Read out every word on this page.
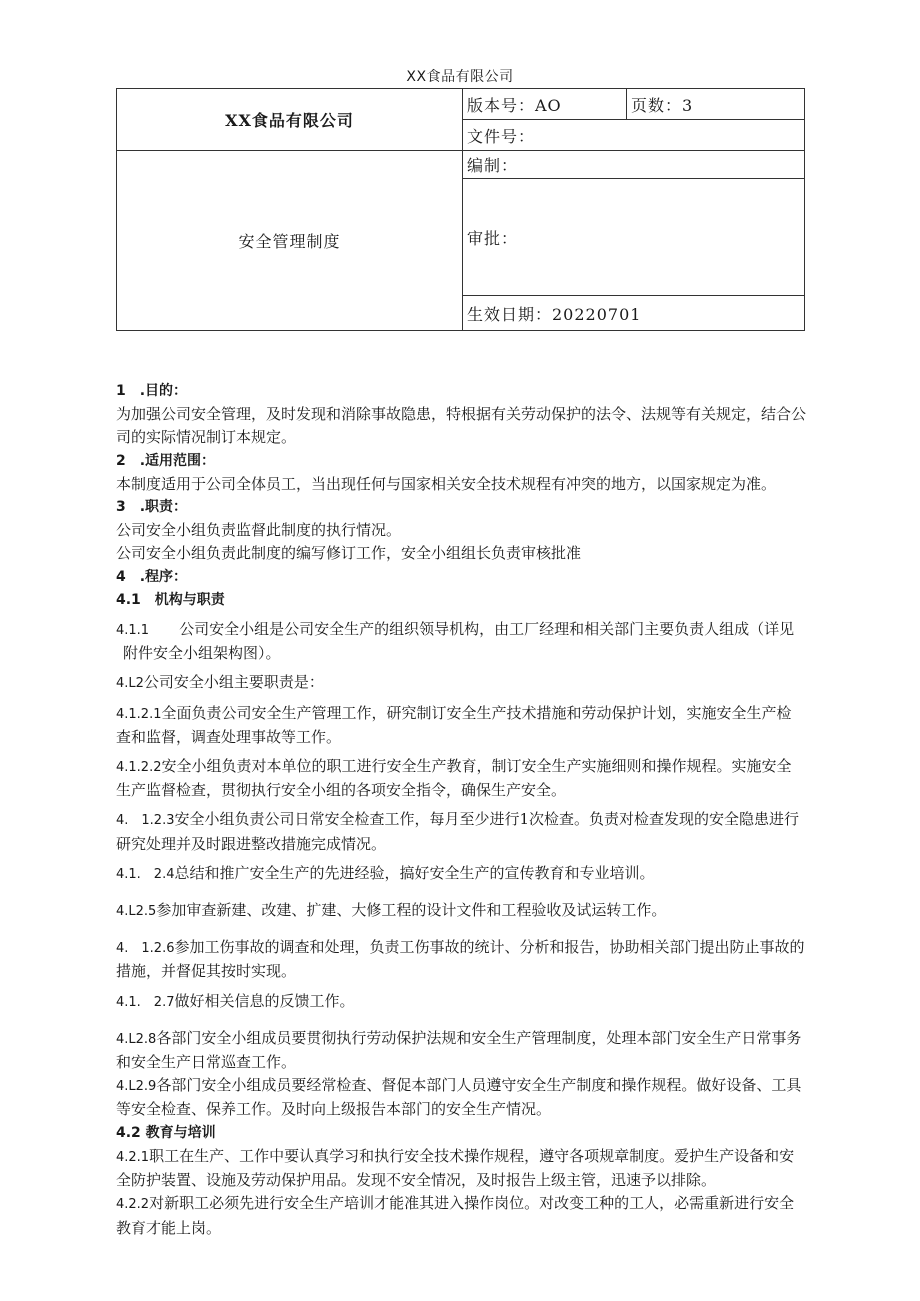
XX食品有限公司
XX食品有限公司	版本号：AO	页数：3
	文件号：	
安全管理制度	编制：	
	审批：	
	生效日期：20220701	

1　.目的：

为加强公司安全管理，及时发现和消除事故隐患，特根据有关劳动保护的法令、法规等有关规定，结合公司的实际情况制订本规定。

2　.适用范围：

本制度适用于公司全体员工，当出现任何与国家相关安全技术规程有冲突的地方，以国家规定为准。

3　.职责：

公司安全小组负责监督此制度的执行情况。

公司安全小组负责此制度的编写修订工作，安全小组组长负责审核批准

4　.程序：

4.1　机构与职责

4.1.1　　公司安全小组是公司安全生产的组织领导机构，由工厂经理和相关部门主要负责人组成（详见

附件安全小组架构图）。

4.L2公司安全小组主要职责是：

4.1.2.1全面负责公司安全生产管理工作，研究制订安全生产技术措施和劳动保护计划，实施安全生产检查和监督，调查处理事故等工作。

4.1.2.2安全小组负责对本单位的职工进行安全生产教育，制订安全生产实施细则和操作规程。实施安全生产监督检查，贯彻执行安全小组的各项安全指令，确保生产安全。

4.　1.2.3安全小组负责公司日常安全检查工作，每月至少进行1次检查。负责对检查发现的安全隐患进行研究处理并及时跟进整改措施完成情况。

4.1.　2.4总结和推广安全生产的先进经验，搞好安全生产的宣传教育和专业培训。

4.L2.5参加审查新建、改建、扩建、大修工程的设计文件和工程验收及试运转工作。

4.　1.2.6参加工伤事故的调查和处理，负责工伤事故的统计、分析和报告，协助相关部门提出防止事故的措施，并督促其按时实现。

4.1.　2.7做好相关信息的反馈工作。

4.L2.8各部门安全小组成员要贯彻执行劳动保护法规和安全生产管理制度，处理本部门安全生产日常事务和安全生产日常巡查工作。

4.L2.9各部门安全小组成员要经常检查、督促本部门人员遵守安全生产制度和操作规程。做好设备、工具等安全检查、保养工作。及时向上级报告本部门的安全生产情况。

4.2 教育与培训

4.2.1职工在生产、工作中要认真学习和执行安全技术操作规程，遵守各项规章制度。爱护生产设备和安全防护装置、设施及劳动保护用品。发现不安全情况，及时报告上级主管，迅速予以排除。

4.2.2对新职工必须先进行安全生产培训才能准其进入操作岗位。对改变工种的工人，必需重新进行安全教育才能上岗。
